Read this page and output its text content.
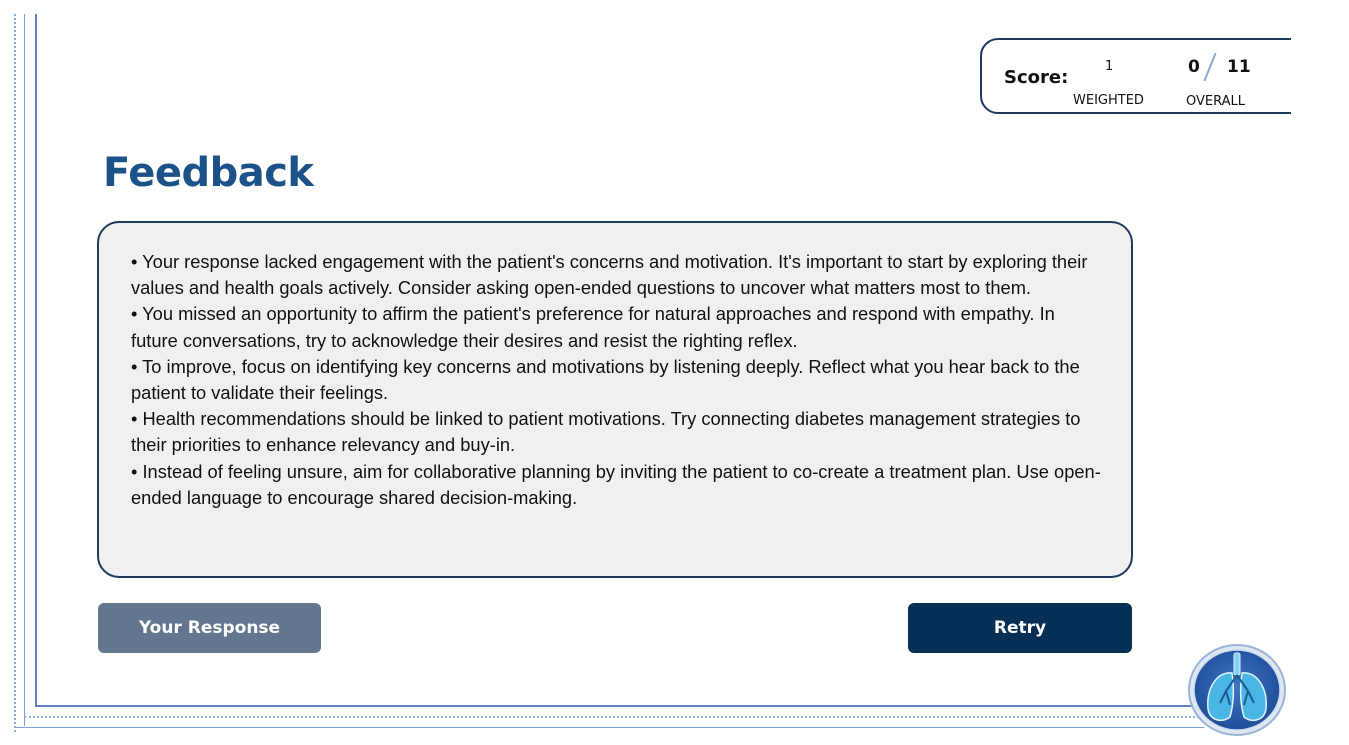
Score:
1
WEIGHTED
0 11
OVERALL
Feedback

• Your response lacked engagement with the patient's concerns and motivation. It's important to start by exploring their values and health goals actively. Consider asking open-ended questions to uncover what matters most to them.

• You missed an opportunity to affirm the patient's preference for natural approaches and respond with empathy. In future conversations, try to acknowledge their desires and resist the righting reflex.

• To improve, focus on identifying key concerns and motivations by listening deeply. Reflect what you hear back to the patient to validate their feelings.

• Health recommendations should be linked to patient motivations. Try connecting diabetes management strategies to their priorities to enhance relevancy and buy-in.

• Instead of feeling unsure, aim for collaborative planning by inviting the patient to co-create a treatment plan. Use open-ended language to encourage shared decision-making.

Your Response	Retry
